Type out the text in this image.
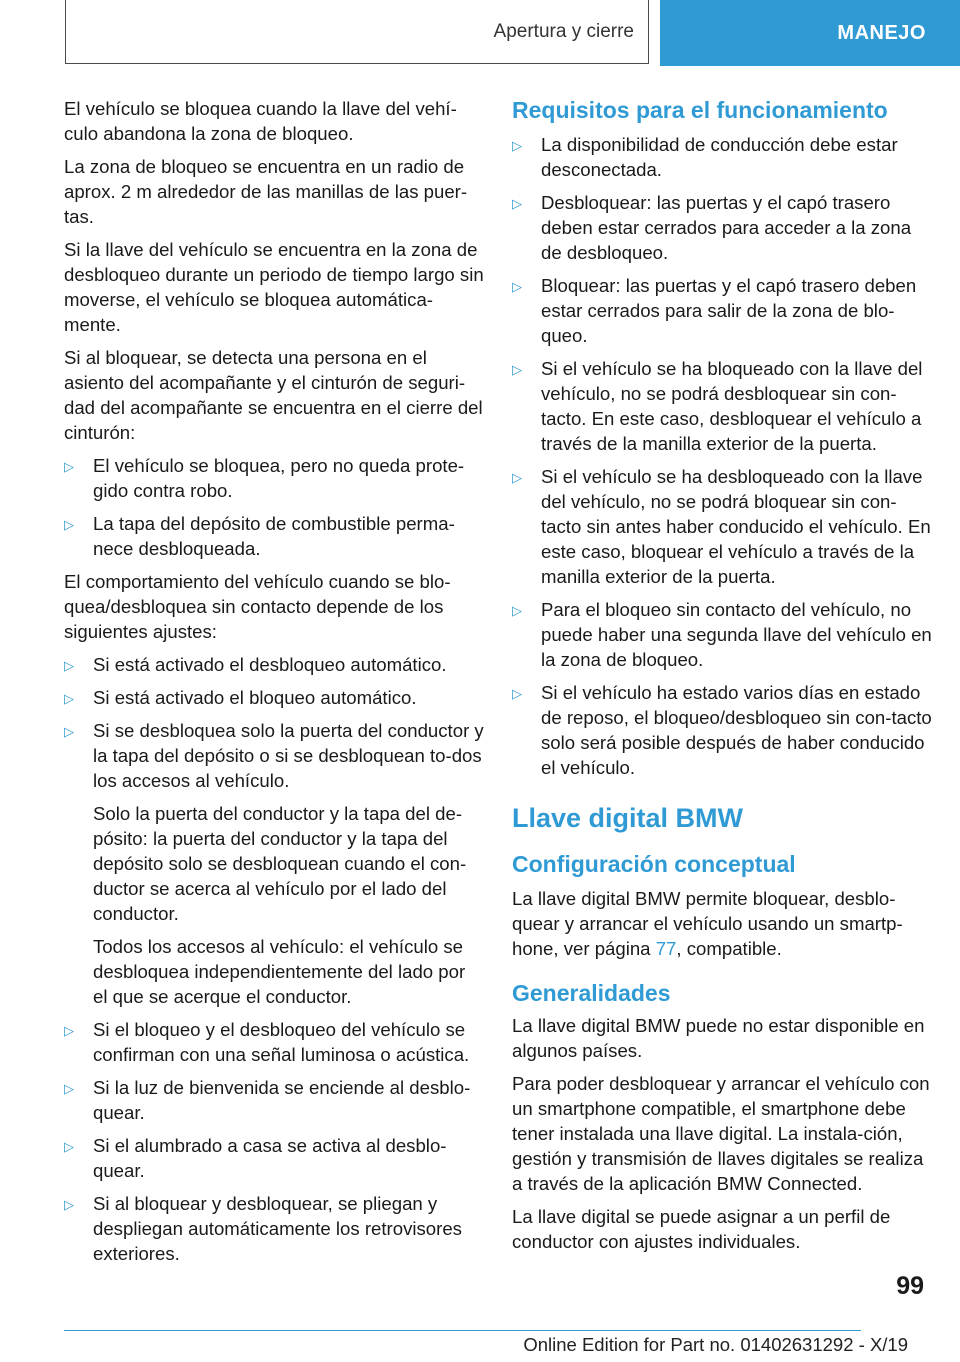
Apertura y cierre	MANEJO

El vehículo se bloquea cuando la llave del vehí-culo abandona la zona de bloqueo.

La zona de bloqueo se encuentra en un radio de aprox. 2 m alrededor de las manillas de las puer-tas.

Si la llave del vehículo se encuentra en la zona de desbloqueo durante un periodo de tiempo largo sin moverse, el vehículo se bloquea automática-mente.

Si al bloquear, se detecta una persona en el asiento del acompañante y el cinturón de seguri-dad del acompañante se encuentra en el cierre del cinturón:

▷ El vehículo se bloquea, pero no queda prote-gido contra robo.
▷ La tapa del depósito de combustible perma-nece desbloqueada.

El comportamiento del vehículo cuando se blo-quea/desbloquea sin contacto depende de los siguientes ajustes:

▷ Si está activado el desbloqueo automático.
▷ Si está activado el bloqueo automático.
▷ Si se desbloquea solo la puerta del conductor y la tapa del depósito o si se desbloquean to-dos los accesos al vehículo.

Solo la puerta del conductor y la tapa del de-pósito: la puerta del conductor y la tapa del depósito solo se desbloquean cuando el con-ductor se acerca al vehículo por el lado del conductor.

Todos los accesos al vehículo: el vehículo se desbloquea independientemente del lado por el que se acerque el conductor.

▷ Si el bloqueo y el desbloqueo del vehículo se confirman con una señal luminosa o acústica.
▷ Si la luz de bienvenida se enciende al desblo-quear.
▷ Si el alumbrado a casa se activa al desblo-quear.
▷ Si al bloquear y desbloquear, se pliegan y despliegan automáticamente los retrovisores exteriores.
Requisitos para el funcionamiento
▷ La disponibilidad de conducción debe estar desconectada.
▷ Desbloquear: las puertas y el capó trasero deben estar cerrados para acceder a la zona de desbloqueo.
▷ Bloquear: las puertas y el capó trasero deben estar cerrados para salir de la zona de blo-queo.
▷ Si el vehículo se ha bloqueado con la llave del vehículo, no se podrá desbloquear sin con-tacto. En este caso, desbloquear el vehículo a través de la manilla exterior de la puerta.
▷ Si el vehículo se ha desbloqueado con la llave del vehículo, no se podrá bloquear sin con-tacto sin antes haber conducido el vehículo. En este caso, bloquear el vehículo a través de la manilla exterior de la puerta.
▷ Para el bloqueo sin contacto del vehículo, no puede haber una segunda llave del vehículo en la zona de bloqueo.
▷ Si el vehículo ha estado varios días en estado de reposo, el bloqueo/desbloqueo sin con-tacto solo será posible después de haber conducido el vehículo.
Llave digital BMW
Configuración conceptual

La llave digital BMW permite bloquear, desblo-quear y arrancar el vehículo usando un smartp-hone, ver página 77, compatible.

Generalidades

La llave digital BMW puede no estar disponible en algunos países.

Para poder desbloquear y arrancar el vehículo con un smartphone compatible, el smartphone debe tener instalada una llave digital. La instala-ción, gestión y transmisión de llaves digitales se realiza a través de la aplicación BMW Connected.

La llave digital se puede asignar a un perfil de conductor con ajustes individuales.

99
Online Edition for Part no. 01402631292 - X/19
